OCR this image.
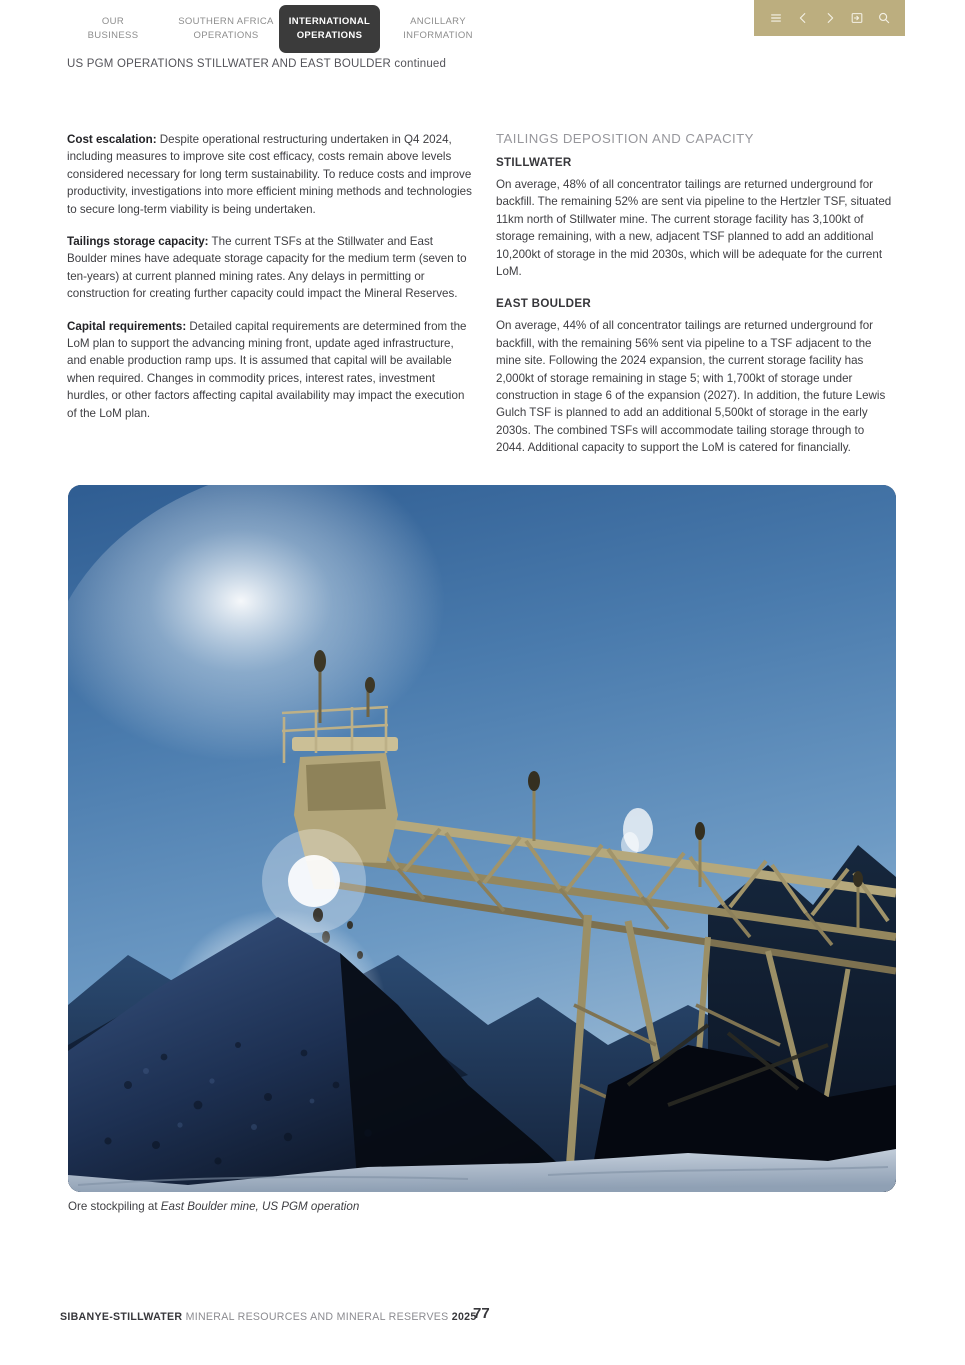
OUR
BUSINESS
SOUTHERN AFRICA
OPERATIONS
INTERNATIONAL
OPERATIONS
ANCILLARY
INFORMATION
US PGM OPERATIONS STILLWATER AND EAST BOULDER continued

Cost escalation: Despite operational restructuring undertaken in Q4 2024, including measures to improve site cost efficacy, costs remain above levels considered necessary for long term sustainability. To reduce costs and improve productivity, investigations into more efficient mining methods and technologies to secure long-term viability is being undertaken.

Tailings storage capacity: The current TSFs at the Stillwater and East Boulder mines have adequate storage capacity for the medium term (seven to ten-years) at current planned mining rates. Any delays in permitting or construction for creating further capacity could impact the Mineral Reserves.

Capital requirements: Detailed capital requirements are determined from the LoM plan to support the advancing mining front, update aged infrastructure, and enable production ramp ups. It is assumed that capital will be available when required. Changes in commodity prices, interest rates, investment hurdles, or other factors affecting capital availability may impact the execution of the LoM plan.

TAILINGS DEPOSITION AND CAPACITY
STILLWATER

On average, 48% of all concentrator tailings are returned underground for backfill. The remaining 52% are sent via pipeline to the Hertzler TSF, situated 11km north of Stillwater mine. The current storage facility has 3,100kt of storage remaining, with a new, adjacent TSF planned to add an additional 10,200kt of storage in the mid 2030s, which will be adequate for the current LoM.

EAST BOULDER

On average, 44% of all concentrator tailings are returned underground for backfill, with the remaining 56% sent via pipeline to a TSF adjacent to the mine site. Following the 2024 expansion, the current storage facility has 2,000kt of storage remaining in stage 5; with 1,700kt of storage under construction in stage 6 of the expansion (2027). In addition, the future Lewis Gulch TSF is planned to add an additional 5,500kt of storage in the early 2030s. The combined TSFs will accommodate tailing storage through to 2044. Additional capacity to support the LoM is catered for financially.

Ore stockpiling at East Boulder mine, US PGM operation
SIBANYE-STILLWATER MINERAL RESOURCES AND MINERAL RESERVES 2025
77
